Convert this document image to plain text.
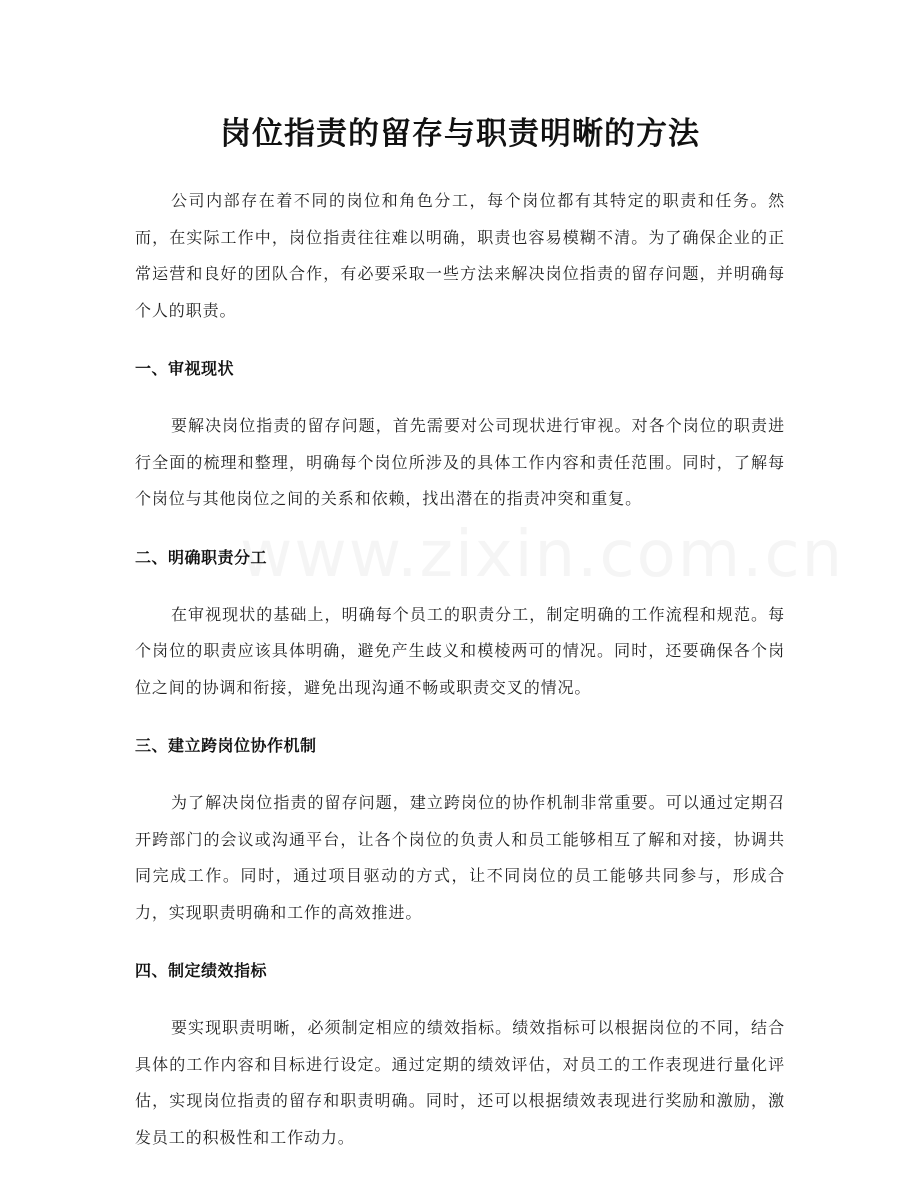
www.zixin.com.cn
岗位指责的留存与职责明晰的方法

公司内部存在着不同的岗位和角色分工，每个岗位都有其特定的职责和任务。然而，在实际工作中，岗位指责往往难以明确，职责也容易模糊不清。为了确保企业的正常运营和良好的团队合作，有必要采取一些方法来解决岗位指责的留存问题，并明确每个人的职责。

一、审视现状

要解决岗位指责的留存问题，首先需要对公司现状进行审视。对各个岗位的职责进行全面的梳理和整理，明确每个岗位所涉及的具体工作内容和责任范围。同时，了解每个岗位与其他岗位之间的关系和依赖，找出潜在的指责冲突和重复。

二、明确职责分工

在审视现状的基础上，明确每个员工的职责分工，制定明确的工作流程和规范。每个岗位的职责应该具体明确，避免产生歧义和模棱两可的情况。同时，还要确保各个岗位之间的协调和衔接，避免出现沟通不畅或职责交叉的情况。

三、建立跨岗位协作机制

为了解决岗位指责的留存问题，建立跨岗位的协作机制非常重要。可以通过定期召开跨部门的会议或沟通平台，让各个岗位的负责人和员工能够相互了解和对接，协调共同完成工作。同时，通过项目驱动的方式，让不同岗位的员工能够共同参与，形成合力，实现职责明确和工作的高效推进。

四、制定绩效指标

要实现职责明晰，必须制定相应的绩效指标。绩效指标可以根据岗位的不同，结合具体的工作内容和目标进行设定。通过定期的绩效评估，对员工的工作表现进行量化评估，实现岗位指责的留存和职责明确。同时，还可以根据绩效表现进行奖励和激励，激发员工的积极性和工作动力。
